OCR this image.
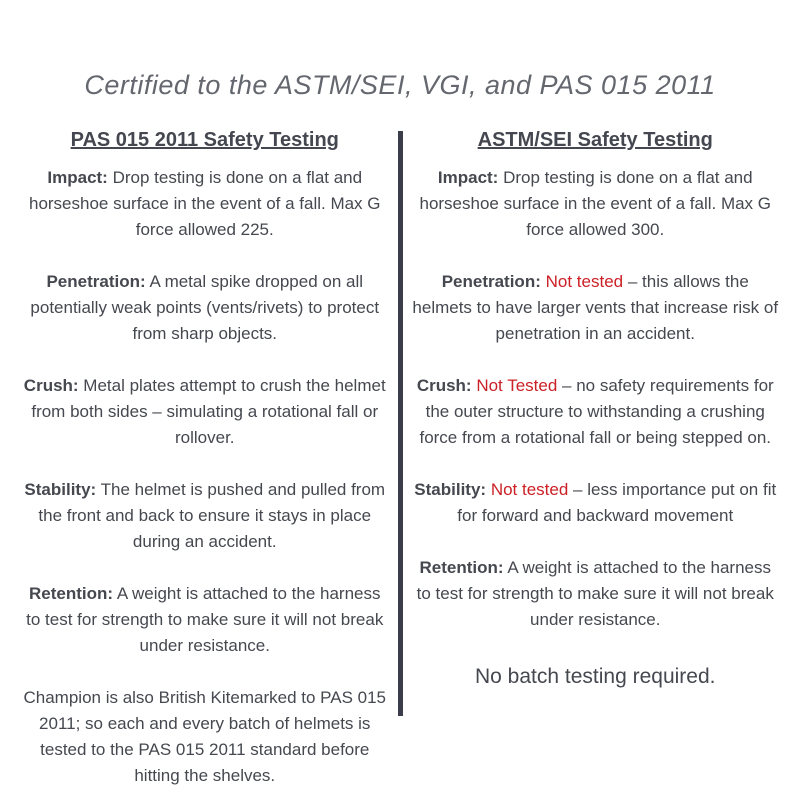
Certified to the ASTM/SEI, VGI, and PAS 015 2011
PAS 015 2011 Safety Testing

Impact: Drop testing is done on a flat and horseshoe surface in the event of a fall. Max G force allowed 225.

Penetration: A metal spike dropped on all potentially weak points (vents/rivets) to protect from sharp objects.

Crush: Metal plates attempt to crush the helmet from both sides – simulating a rotational fall or rollover.

Stability: The helmet is pushed and pulled from the front and back to ensure it stays in place during an accident.

Retention: A weight is attached to the harness to test for strength to make sure it will not break under resistance.

Champion is also British Kitemarked to PAS 015 2011; so each and every batch of helmets is tested to the PAS 015 2011 standard before hitting the shelves.

ASTM/SEI Safety Testing

Impact: Drop testing is done on a flat and horseshoe surface in the event of a fall. Max G force allowed 300.

Penetration: Not tested – this allows the helmets to have larger vents that increase risk of penetration in an accident.

Crush: Not Tested – no safety requirements for the outer structure to withstanding a crushing force from a rotational fall or being stepped on.

Stability: Not tested – less importance put on fit for forward and backward movement

Retention: A weight is attached to the harness to test for strength to make sure it will not break under resistance.

No batch testing required.
